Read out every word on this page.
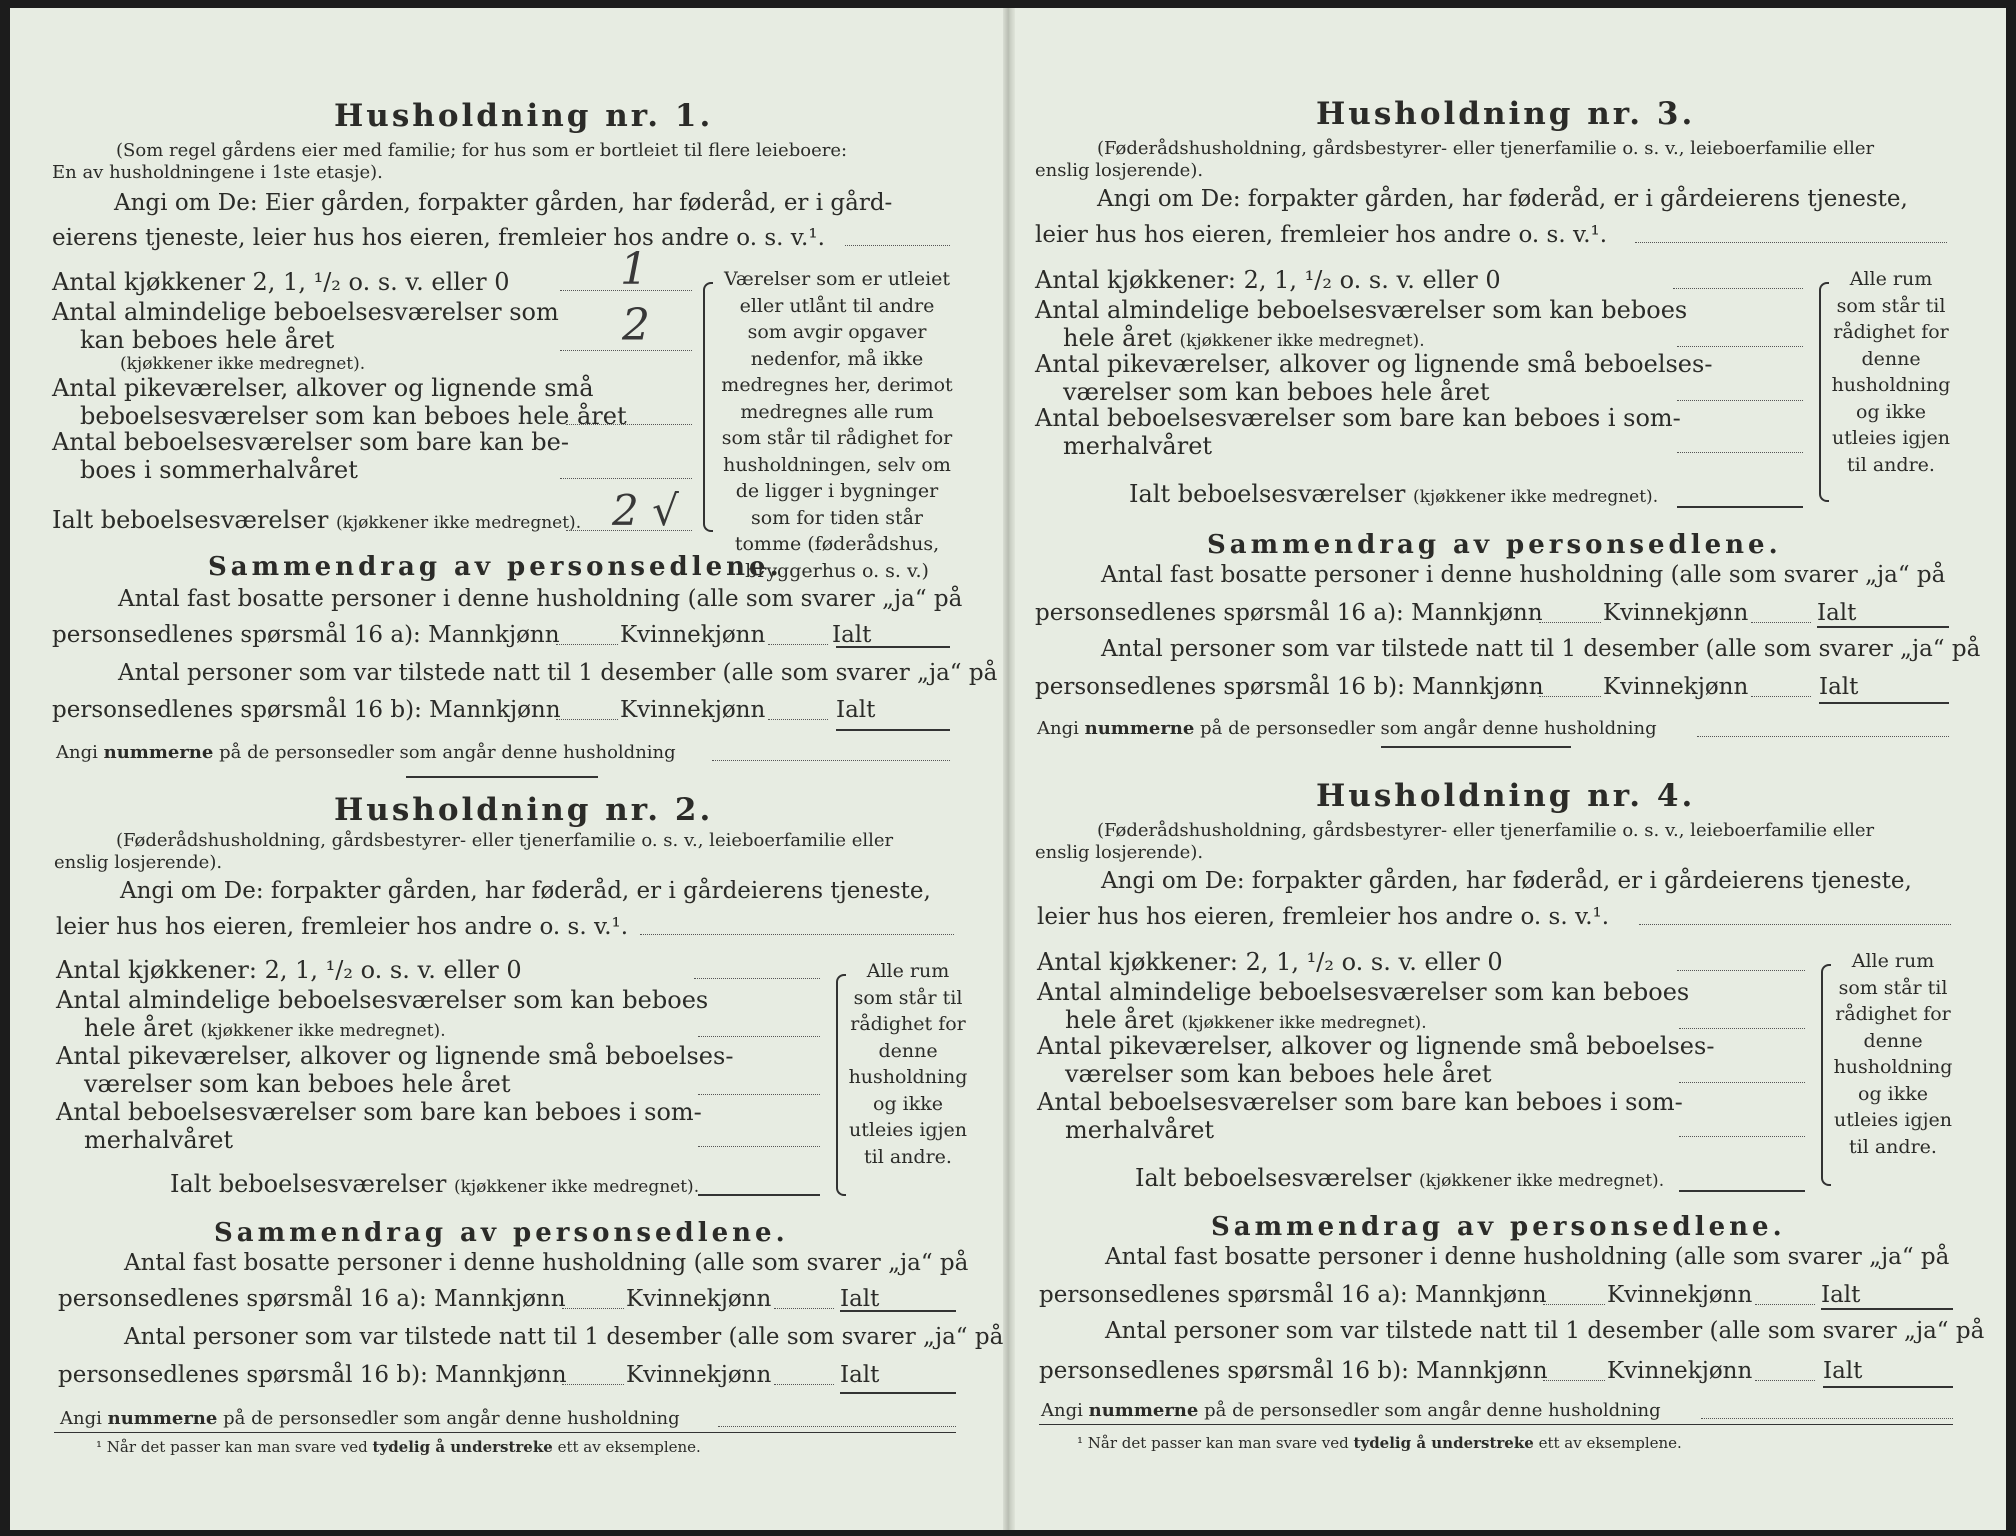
Husholdning nr. 1.
(Som regel gårdens eier med familie; for hus som er bortleiet til flere leieboere:
En av husholdningene i 1ste etasje).
Angi om De: Eier gården, forpakter gården, har føderåd, er i gård-
eierens tjeneste, leier hus hos eieren, fremleier hos andre o. s. v.¹.
Antal kjøkkener 2, 1, ¹/₂ o. s. v. eller 0	1
Antal almindelige beboelsesværelser som
kan beboes hele året	2
(kjøkkener ikke medregnet).
Antal pikeværelser, alkover og lignende små
beboelsesværelser som kan beboes hele året
Antal beboelsesværelser som bare kan be-
boes i sommerhalvåret
Ialt beboelsesværelser (kjøkkener ikke medregnet). 2 √
Værelser som er utleiet eller utlånt til andre som avgir opgaver nedenfor, må ikke medregnes her, derimot medregnes alle rum som står til rådighet for husholdningen, selv om de ligger i bygninger som for tiden står tomme (føderådshus, bryggerhus o. s. v.)
Sammendrag av personsedlene.
Antal fast bosatte personer i denne husholdning (alle som svarer „ja“ på
personsedlenes spørsmål 16 a): Mannkjønn	Kvinnekjønn	Ialt
Antal personer som var tilstede natt til 1 desember (alle som svarer „ja“ på
personsedlenes spørsmål 16 b): Mannkjønn	Kvinnekjønn	Ialt
Angi nummerne på de personsedler som angår denne husholdning
Husholdning nr. 2.
(Føderådshusholdning, gårdsbestyrer- eller tjenerfamilie o. s. v., leieboerfamilie eller
enslig losjerende).
Angi om De: forpakter gården, har føderåd, er i gårdeierens tjeneste,
leier hus hos eieren, fremleier hos andre o. s. v.¹.
Antal kjøkkener: 2, 1, ¹/₂ o. s. v. eller 0
Antal almindelige beboelsesværelser som kan beboes
hele året (kjøkkener ikke medregnet).
Antal pikeværelser, alkover og lignende små beboelses-
værelser som kan beboes hele året
Antal beboelsesværelser som bare kan beboes i som-
merhalvåret
Ialt beboelsesværelser (kjøkkener ikke medregnet).
Alle rum som står til rådighet for denne husholdning og ikke utleies igjen til andre.
Sammendrag av personsedlene.
Antal fast bosatte personer i denne husholdning (alle som svarer „ja“ på
personsedlenes spørsmål 16 a): Mannkjønn	Kvinnekjønn	Ialt
Antal personer som var tilstede natt til 1 desember (alle som svarer „ja“ på
personsedlenes spørsmål 16 b): Mannkjønn	Kvinnekjønn	Ialt
Angi nummerne på de personsedler som angår denne husholdning
¹ Når det passer kan man svare ved tydelig å understreke ett av eksemplene.
Husholdning nr. 3.
(Føderådshusholdning, gårdsbestyrer- eller tjenerfamilie o. s. v., leieboerfamilie eller
enslig losjerende).
Angi om De: forpakter gården, har føderåd, er i gårdeierens tjeneste,
leier hus hos eieren, fremleier hos andre o. s. v.¹.
Antal kjøkkener: 2, 1, ¹/₂ o. s. v. eller 0
Antal almindelige beboelsesværelser som kan beboes
hele året (kjøkkener ikke medregnet).
Antal pikeværelser, alkover og lignende små beboelses-
værelser som kan beboes hele året
Antal beboelsesværelser som bare kan beboes i som-
merhalvåret
Ialt beboelsesværelser (kjøkkener ikke medregnet).
Alle rum som står til rådighet for denne husholdning og ikke utleies igjen til andre.
Sammendrag av personsedlene.
Antal fast bosatte personer i denne husholdning (alle som svarer „ja“ på
personsedlenes spørsmål 16 a): Mannkjønn	Kvinnekjønn	Ialt
Antal personer som var tilstede natt til 1 desember (alle som svarer „ja“ på
personsedlenes spørsmål 16 b): Mannkjønn	Kvinnekjønn	Ialt
Angi nummerne på de personsedler som angår denne husholdning
Husholdning nr. 4.
(Føderådshusholdning, gårdsbestyrer- eller tjenerfamilie o. s. v., leieboerfamilie eller
enslig losjerende).
Angi om De: forpakter gården, har føderåd, er i gårdeierens tjeneste,
leier hus hos eieren, fremleier hos andre o. s. v.¹.
Antal kjøkkener: 2, 1, ¹/₂ o. s. v. eller 0
Antal almindelige beboelsesværelser som kan beboes
hele året (kjøkkener ikke medregnet).
Antal pikeværelser, alkover og lignende små beboelses-
værelser som kan beboes hele året
Antal beboelsesværelser som bare kan beboes i som-
merhalvåret
Ialt beboelsesværelser (kjøkkener ikke medregnet).
Alle rum som står til rådighet for denne husholdning og ikke utleies igjen til andre.
Sammendrag av personsedlene.
Antal fast bosatte personer i denne husholdning (alle som svarer „ja“ på
personsedlenes spørsmål 16 a): Mannkjønn	Kvinnekjønn	Ialt
Antal personer som var tilstede natt til 1 desember (alle som svarer „ja“ på
personsedlenes spørsmål 16 b): Mannkjønn	Kvinnekjønn	Ialt
Angi nummerne på de personsedler som angår denne husholdning
¹ Når det passer kan man svare ved tydelig å understreke ett av eksemplene.
